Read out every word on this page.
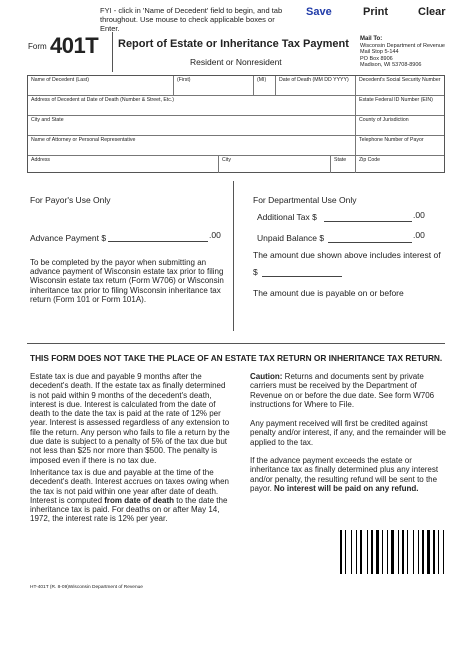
FYI - click in 'Name of Decedent' field to begin, and tab throughout. Use mouse to check applicable boxes or Enter.
Save	Print	Clear
Form 401T Report of Estate or Inheritance Tax Payment
Resident or Nonresident
Mail To:
Wisconsin Department of Revenue
Mail Stop 5-144
PO Box 8906
Madison, WI 53708-8906
Name of Decedent (Last)	(First)	(MI) Date of Death (MM DD YYYY) Decedent's Social Security Number
Address of Decedent at Date of Death (Number & Street, Etc.)	Estate Federal ID Number (EIN)
City and State	County of Jurisdiction
Name of Attorney or Personal Representative	Telephone Number of Payor
Address	City	State Zip Code
For Payor's Use Only
Advance Payment $	.00
To be completed by the payor when submitting an advance payment of Wisconsin estate tax prior to filing Wisconsin estate tax return (Form W706) or Wisconsin inheritance tax prior to filing Wisconsin inheritance tax return (Form 101 or Form 101A).
For Departmental Use Only
Additional Tax $	.00
Unpaid Balance $	.00
The amount due shown above includes interest of
$
The amount due is payable on or before
THIS FORM DOES NOT TAKE THE PLACE OF AN ESTATE TAX RETURN OR INHERITANCE TAX RETURN.
Estate tax is due and payable 9 months after the decedent's death. If the estate tax as finally determined is not paid within 9 months of the decedent's death, interest is due. Interest is calculated from the date of death to the date the tax is paid at the rate of 12% per year. Interest is assessed regardless of any extension to file the return. Any person who fails to file a return by the due date is subject to a penalty of 5% of the tax due but not less than $25 nor more than $500. The penalty is imposed even if there is no tax due.
Inheritance tax is due and payable at the time of the decedent's death. Interest accrues on taxes owing when the tax is not paid within one year after date of death. Interest is computed from date of death to the date the inheritance tax is paid. For deaths on or after May 14, 1972, the interest rate is 12% per year.
Caution: Returns and documents sent by private carriers must be received by the Department of Revenue on or before the due date. See form W706 instructions for Where to File.
Any payment received will first be credited against penalty and/or interest, if any, and the remainder will be applied to the tax.
If the advance payment exceeds the estate or inheritance tax as finally determined plus any interest and/or penalty, the resulting refund will be sent to the payor. No interest will be paid on any refund.
HT-401T (R. 8-09)Wisconsin Department of Revenue
